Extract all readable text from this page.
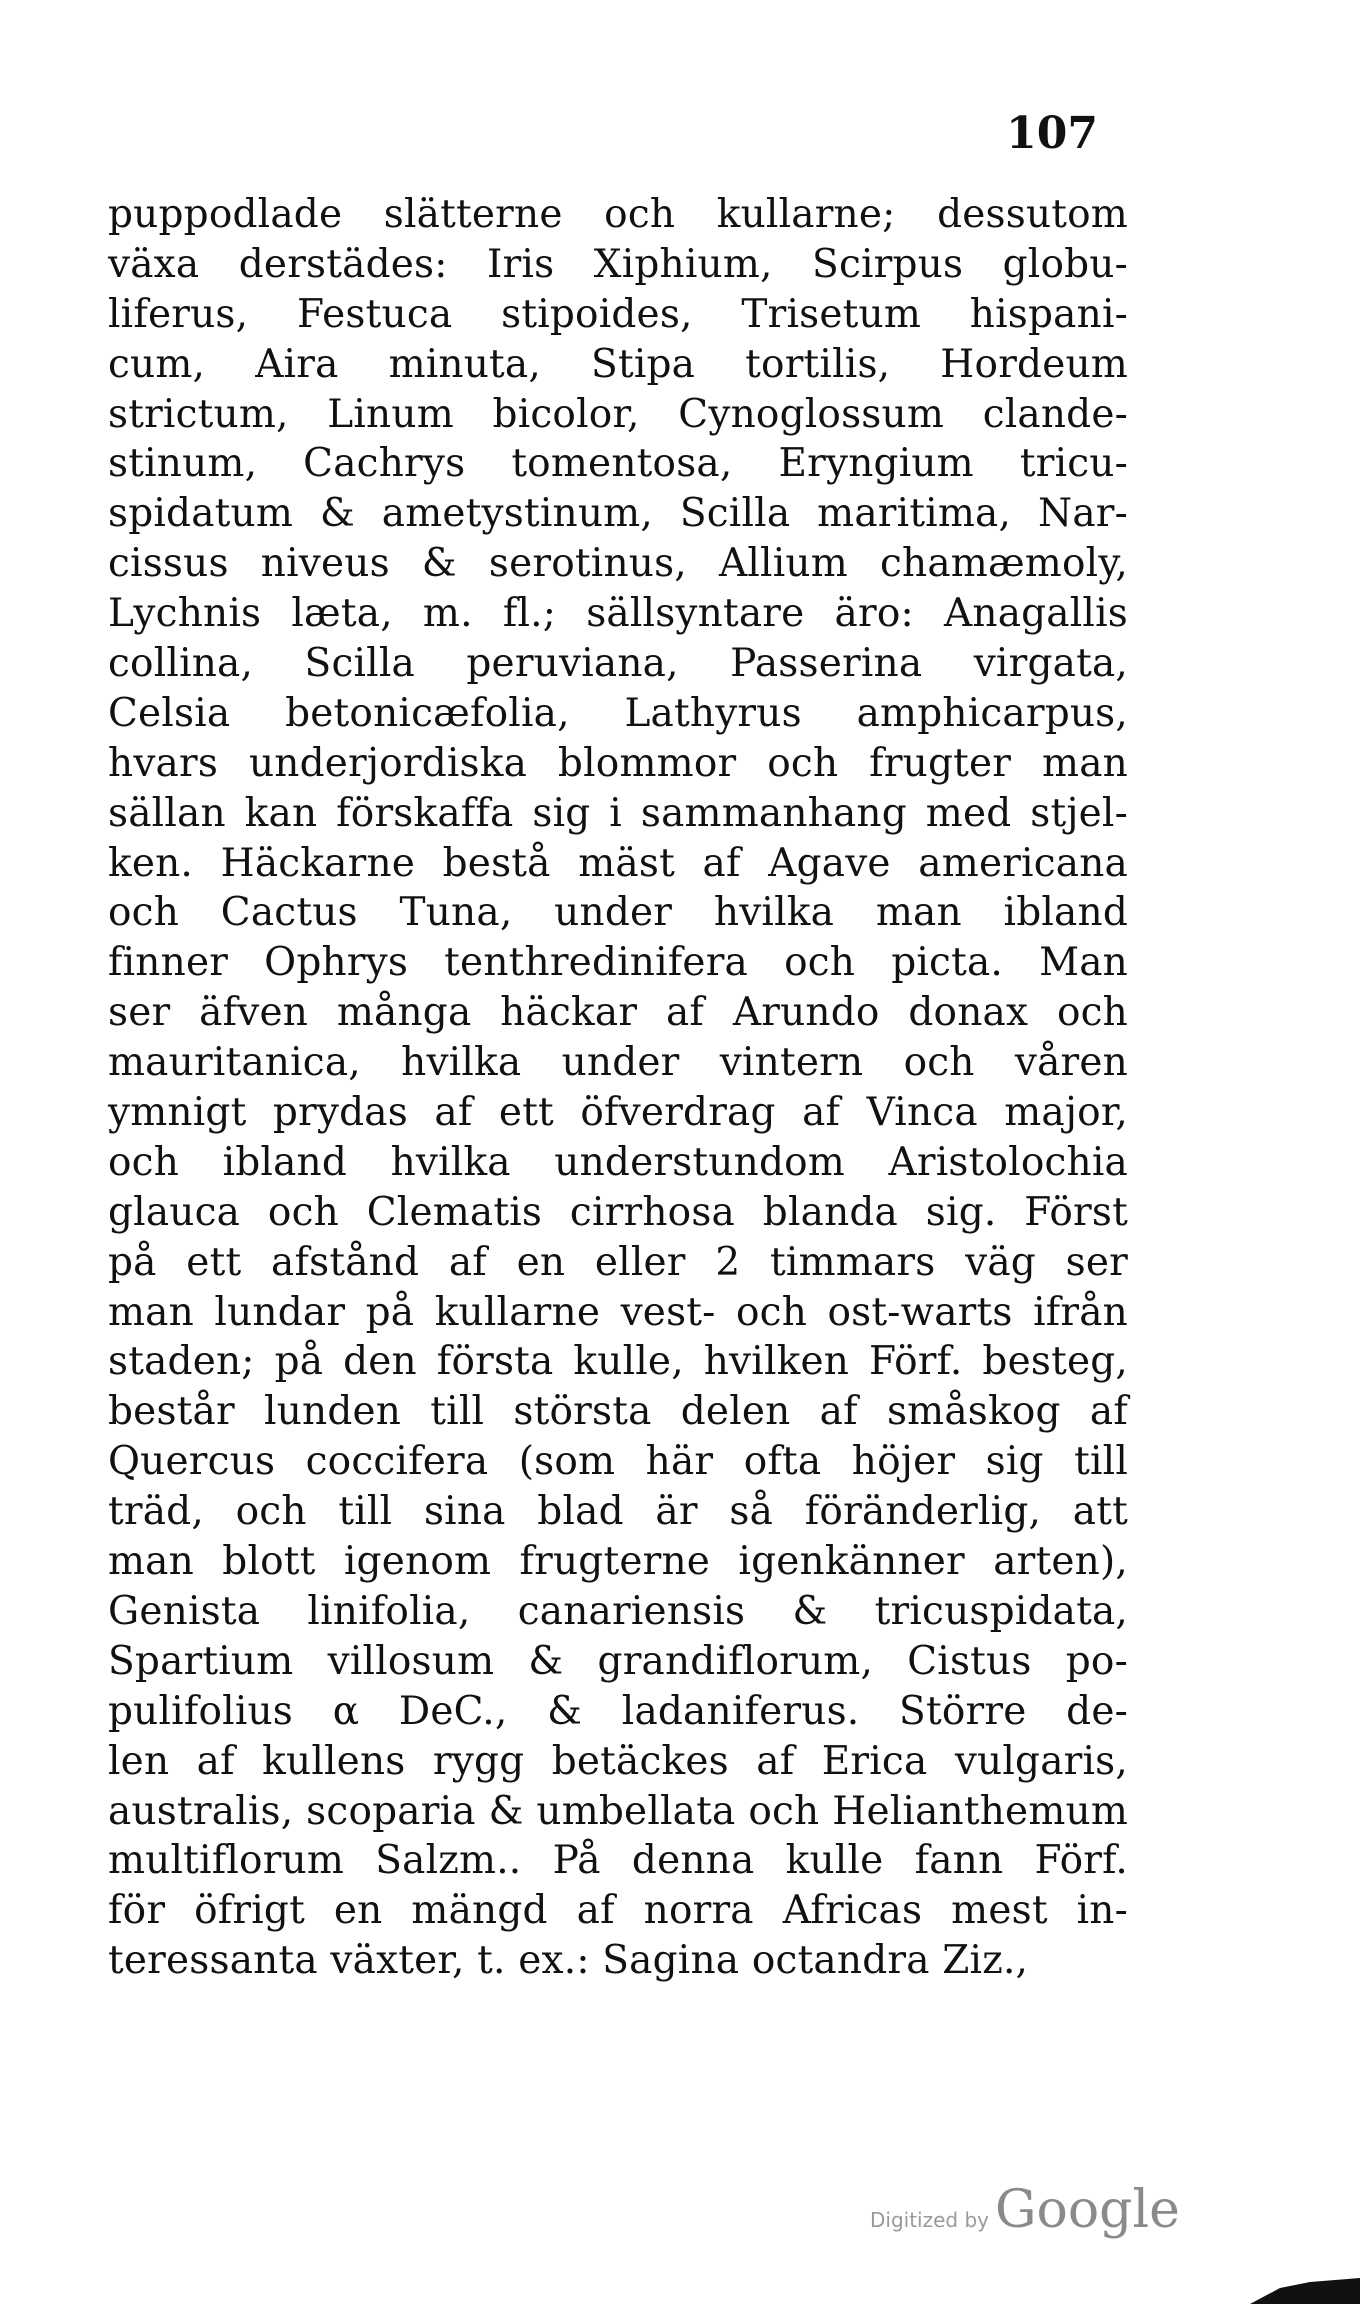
107
puppodlade slätterne och kullarne; dessutom
växa derstädes: Iris Xiphium, Scirpus globu-
liferus, Festuca stipoides, Trisetum hispani-
cum, Aira minuta, Stipa tortilis, Hordeum
strictum, Linum bicolor, Cynoglossum clande-
stinum, Cachrys tomentosa, Eryngium tricu-
spidatum & ametystinum, Scilla maritima, Nar-
cissus niveus & serotinus, Allium chamæmoly,
Lychnis læta, m. fl.; sällsyntare äro: Anagallis
collina, Scilla peruviana, Passerina virgata,
Celsia betonicæfolia, Lathyrus amphicarpus,
hvars underjordiska blommor och frugter man
sällan kan förskaffa sig i sammanhang med stjel-
ken. Häckarne bestå mäst af Agave americana
och Cactus Tuna, under hvilka man ibland
finner Ophrys tenthredinifera och picta. Man
ser äfven många häckar af Arundo donax och
mauritanica, hvilka under vintern och våren
ymnigt prydas af ett öfverdrag af Vinca major,
och ibland hvilka understundom Aristolochia
glauca och Clematis cirrhosa blanda sig. Först
på ett afstånd af en eller 2 timmars väg ser
man lundar på kullarne vest- och ost-warts ifrån
staden; på den första kulle, hvilken Förf. besteg,
består lunden till största delen af småskog af
Quercus coccifera (som här ofta höjer sig till
träd, och till sina blad är så föränderlig, att
man blott igenom frugterne igenkänner arten),
Genista linifolia, canariensis & tricuspidata,
Spartium villosum & grandiflorum, Cistus po-
pulifolius α DeC., & ladaniferus. Större de-
len af kullens rygg betäckes af Erica vulgaris,
australis, scoparia & umbellata och Helianthemum
multiflorum Salzm.. På denna kulle fann Förf.
för öfrigt en mängd af norra Africas mest in-
teressanta växter, t. ex.: Sagina octandra Ziz.,
Digitized by Google
